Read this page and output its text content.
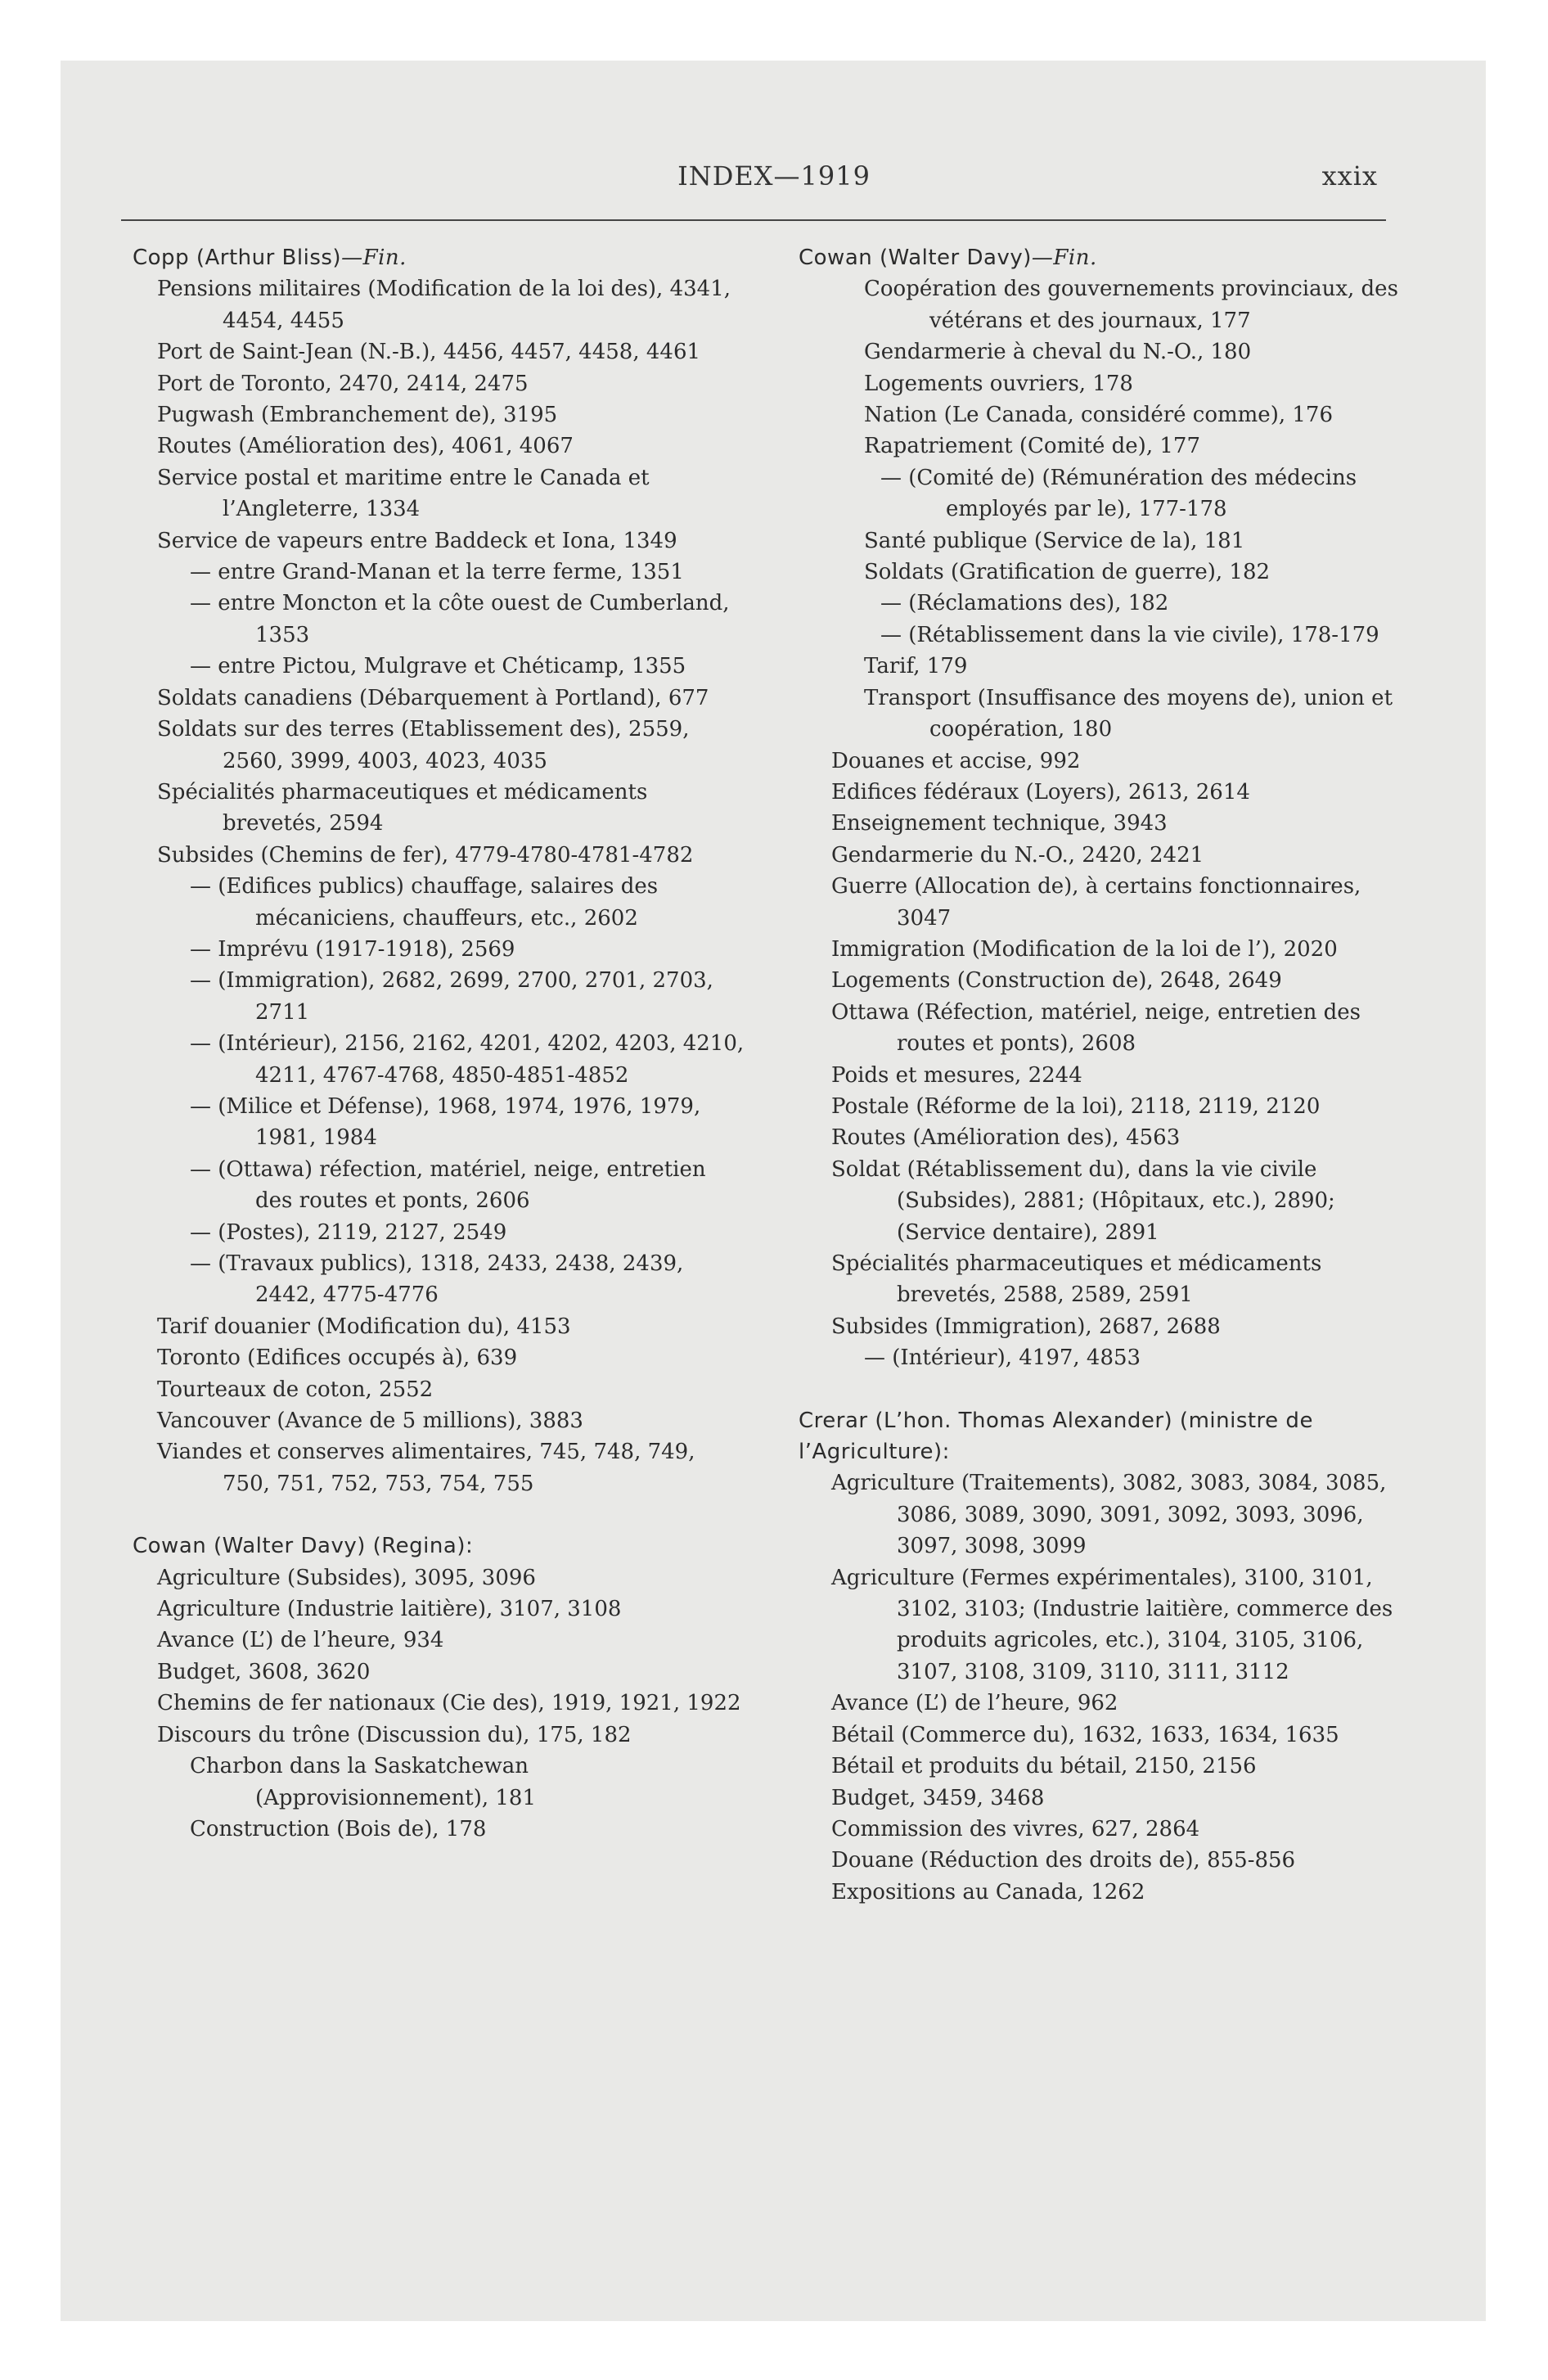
INDEX—1919	xxix
Copp (Arthur Bliss)—Fin.
Pensions militaires (Modification de la loi des), 4341, 4454, 4455
Port de Saint-Jean (N.-B.), 4456, 4457, 4458, 4461
Port de Toronto, 2470, 2414, 2475
Pugwash (Embranchement de), 3195
Routes (Amélioration des), 4061, 4067
Service postal et maritime entre le Canada et l’Angleterre, 1334
Service de vapeurs entre Baddeck et Iona, 1349
— entre Grand-Manan et la terre ferme, 1351
— entre Moncton et la côte ouest de Cumberland, 1353
— entre Pictou, Mulgrave et Chéticamp, 1355
Soldats canadiens (Débarquement à Portland), 677
Soldats sur des terres (Etablissement des), 2559, 2560, 3999, 4003, 4023, 4035
Spécialités pharmaceutiques et médicaments brevetés, 2594
Subsides (Chemins de fer), 4779-4780-4781-4782
— (Edifices publics) chauffage, salaires des mécaniciens, chauffeurs, etc., 2602
— Imprévu (1917-1918), 2569
— (Immigration), 2682, 2699, 2700, 2701, 2703, 2711
— (Intérieur), 2156, 2162, 4201, 4202, 4203, 4210, 4211, 4767-4768, 4850-4851-4852
— (Milice et Défense), 1968, 1974, 1976, 1979, 1981, 1984
— (Ottawa) réfection, matériel, neige, entretien des routes et ponts, 2606
— (Postes), 2119, 2127, 2549
— (Travaux publics), 1318, 2433, 2438, 2439, 2442, 4775-4776
Tarif douanier (Modification du), 4153
Toronto (Edifices occupés à), 639
Tourteaux de coton, 2552
Vancouver (Avance de 5 millions), 3883
Viandes et conserves alimentaires, 745, 748, 749, 750, 751, 752, 753, 754, 755
Cowan (Walter Davy) (Regina):
Agriculture (Subsides), 3095, 3096
Agriculture (Industrie laitière), 3107, 3108
Avance (L’) de l’heure, 934
Budget, 3608, 3620
Chemins de fer nationaux (Cie des), 1919, 1921, 1922
Discours du trône (Discussion du), 175, 182
Charbon dans la Saskatchewan (Approvisionnement), 181
Construction (Bois de), 178
Cowan (Walter Davy)—Fin.
Coopération des gouvernements provinciaux, des vétérans et des journaux, 177
Gendarmerie à cheval du N.-O., 180
Logements ouvriers, 178
Nation (Le Canada, considéré comme), 176
Rapatriement (Comité de), 177
— (Comité de) (Rémunération des médecins employés par le), 177-178
Santé publique (Service de la), 181
Soldats (Gratification de guerre), 182
— (Réclamations des), 182
— (Rétablissement dans la vie civile), 178-179
Tarif, 179
Transport (Insuffisance des moyens de), union et coopération, 180
Douanes et accise, 992
Edifices fédéraux (Loyers), 2613, 2614
Enseignement technique, 3943
Gendarmerie du N.-O., 2420, 2421
Guerre (Allocation de), à certains fonctionnaires, 3047
Immigration (Modification de la loi de l’), 2020
Logements (Construction de), 2648, 2649
Ottawa (Réfection, matériel, neige, entretien des routes et ponts), 2608
Poids et mesures, 2244
Postale (Réforme de la loi), 2118, 2119, 2120
Routes (Amélioration des), 4563
Soldat (Rétablissement du), dans la vie civile (Subsides), 2881; (Hôpitaux, etc.), 2890; (Service dentaire), 2891
Spécialités pharmaceutiques et médicaments brevetés, 2588, 2589, 2591
Subsides (Immigration), 2687, 2688
— (Intérieur), 4197, 4853
Crerar (L’hon. Thomas Alexander) (ministre de l’Agriculture):
Agriculture (Traitements), 3082, 3083, 3084, 3085, 3086, 3089, 3090, 3091, 3092, 3093, 3096, 3097, 3098, 3099
Agriculture (Fermes expérimentales), 3100, 3101, 3102, 3103; (Industrie laitière, commerce des produits agricoles, etc.), 3104, 3105, 3106, 3107, 3108, 3109, 3110, 3111, 3112
Avance (L’) de l’heure, 962
Bétail (Commerce du), 1632, 1633, 1634, 1635
Bétail et produits du bétail, 2150, 2156
Budget, 3459, 3468
Commission des vivres, 627, 2864
Douane (Réduction des droits de), 855-856
Expositions au Canada, 1262
